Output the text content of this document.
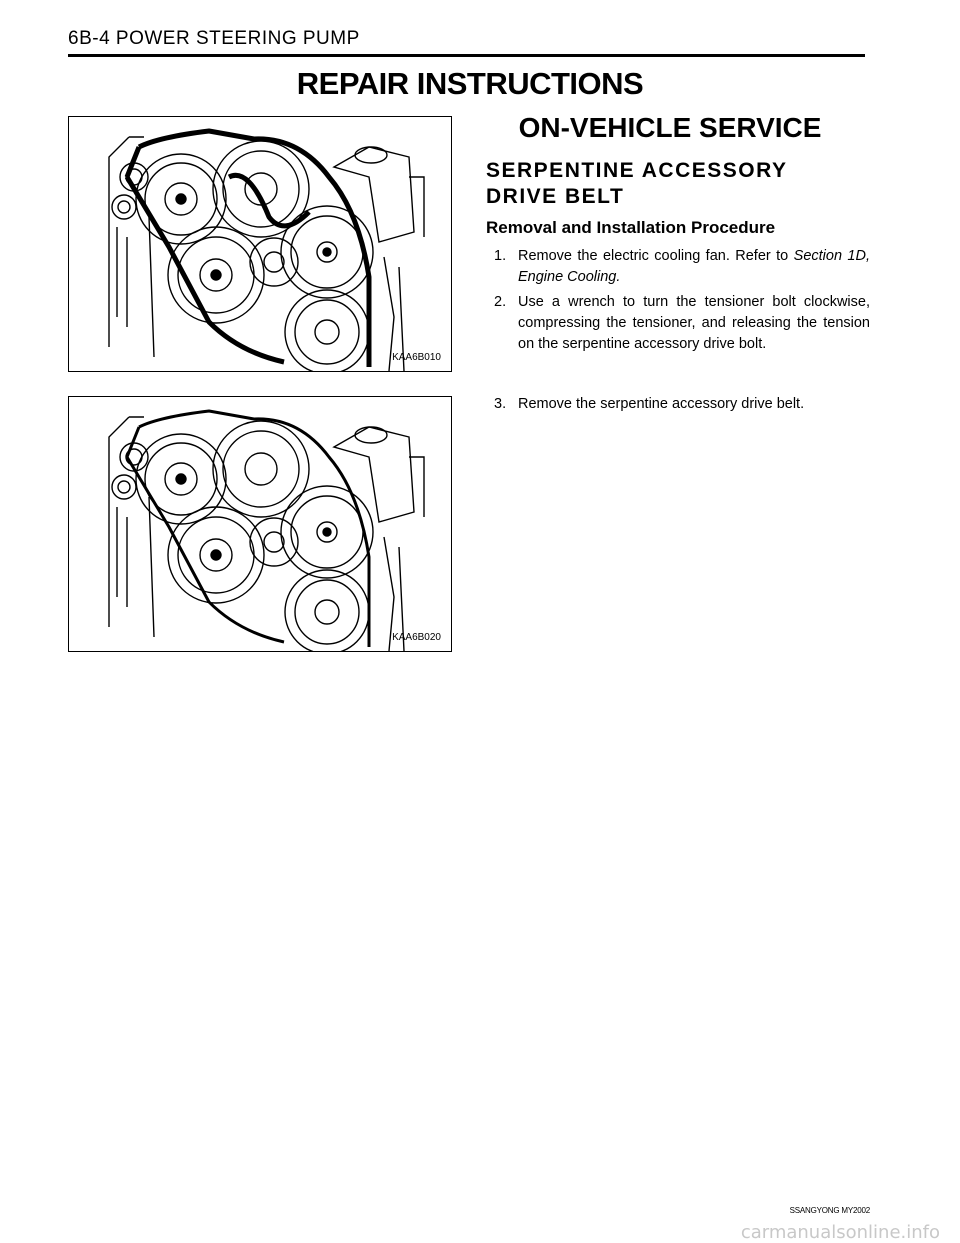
6B-4 POWER STEERING PUMP
REPAIR INSTRUCTIONS
KAA6B010
KAA6B020
ON-VEHICLE SERVICE
SERPENTINE ACCESSORY DRIVE BELT
Removal and Installation Procedure
1. Remove the electric cooling fan. Refer to Section 1D, Engine Cooling.
2. Use a wrench to turn the tensioner bolt clockwise, compressing the tensioner, and releasing the tension on the serpentine accessory drive bolt.
3. Remove the serpentine accessory drive belt.
SSANGYONG MY2002
carmanualsonline.info
